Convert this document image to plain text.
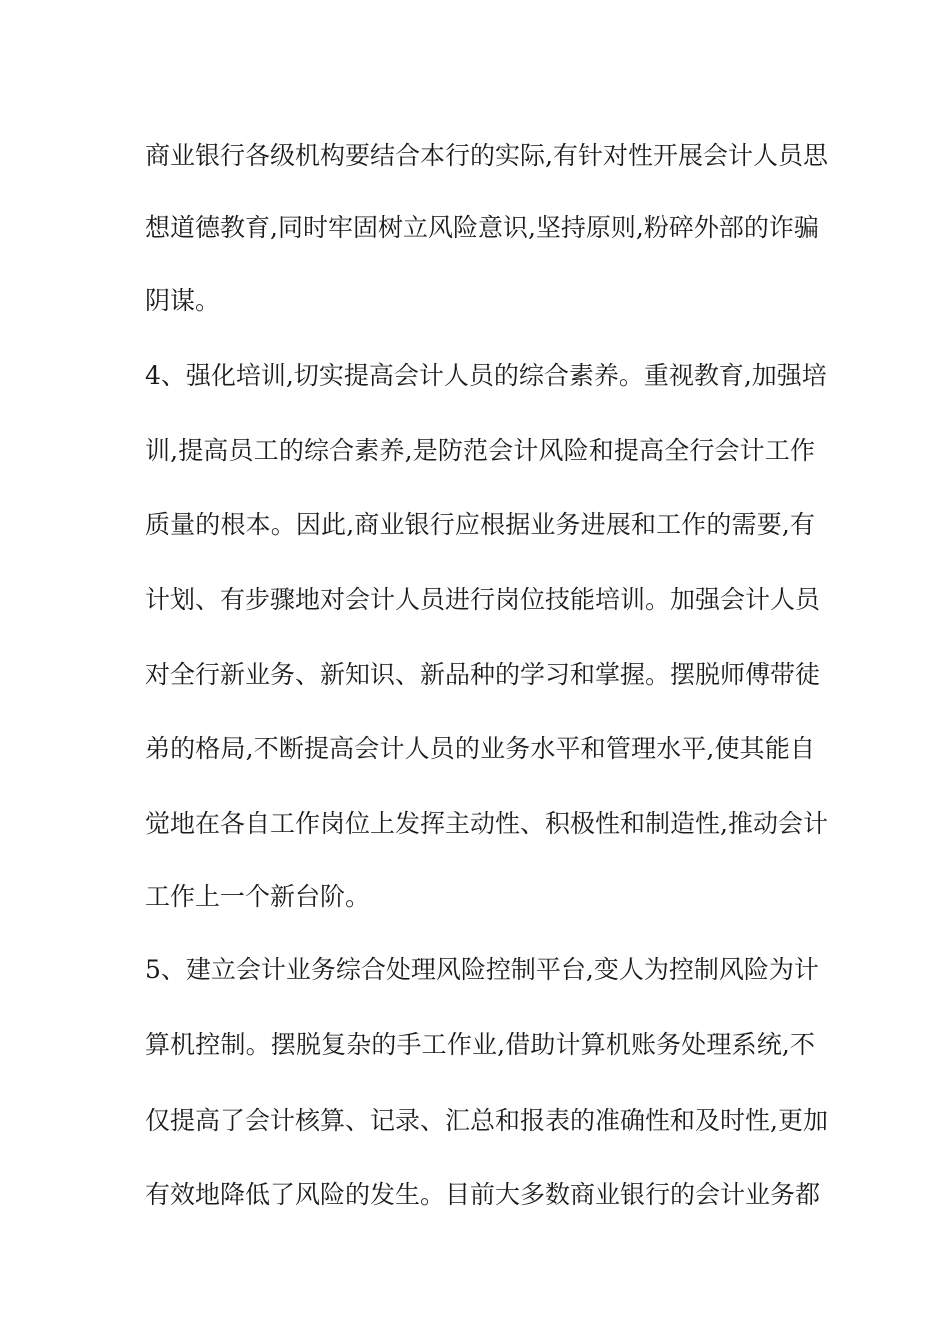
商业银行各级机构要结合本行的实际,有针对性开展会计人员思
想道德教育,同时牢固树立风险意识,坚持原则,粉碎外部的诈骗
阴谋。
4、强化培训,切实提高会计人员的综合素养。重视教育,加强培
训,提高员工的综合素养,是防范会计风险和提高全行会计工作
质量的根本。因此,商业银行应根据业务进展和工作的需要,有
计划、有步骤地对会计人员进行岗位技能培训。加强会计人员
对全行新业务、新知识、新品种的学习和掌握。摆脱师傅带徒
弟的格局,不断提高会计人员的业务水平和管理水平,使其能自
觉地在各自工作岗位上发挥主动性、积极性和制造性,推动会计
工作上一个新台阶。
5、建立会计业务综合处理风险控制平台,变人为控制风险为计
算机控制。摆脱复杂的手工作业,借助计算机账务处理系统,不
仅提高了会计核算、记录、汇总和报表的准确性和及时性,更加
有效地降低了风险的发生。目前大多数商业银行的会计业务都
